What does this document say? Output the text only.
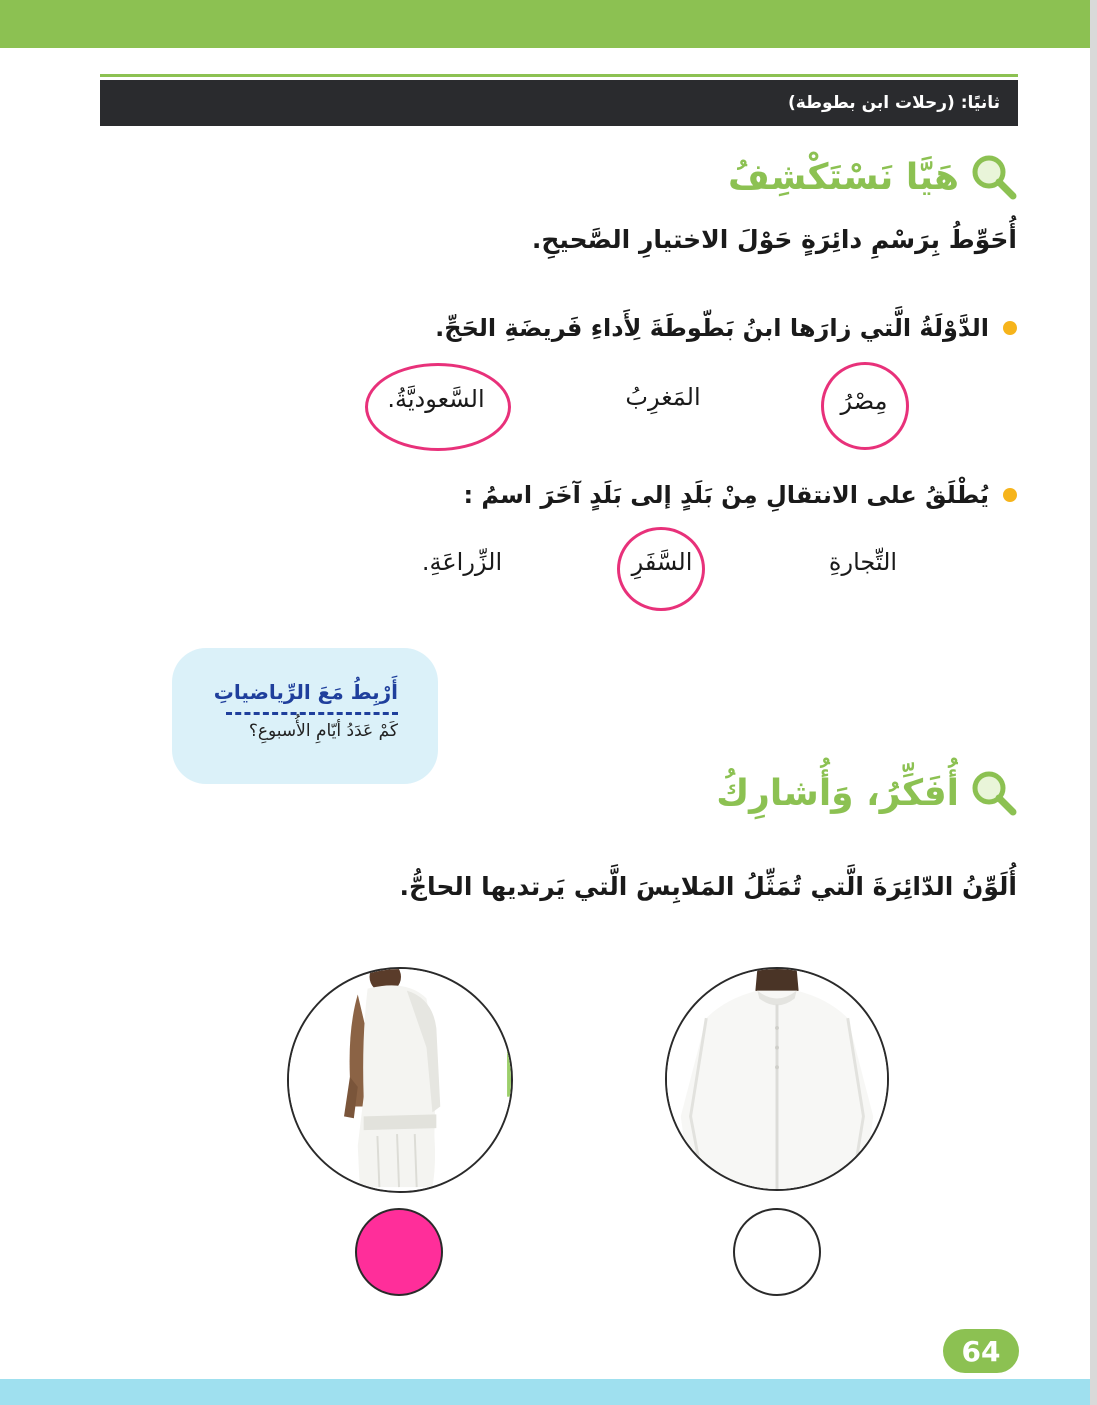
ثانيًا: (رحلات ابن بطوطة)
هَيَّا نَسْتَكْشِفُ
أُحَوِّطُ بِرَسْمِ دائِرَةٍ حَوْلَ الاختيارِ الصَّحيحِ.
الدَّوْلَةُ الَّتي زارَها ابنُ بَطّوطَةَ لِأَداءِ فَريضَةِ الحَجِّ.
مِصْرُ
المَغرِبُ
السَّعوديَّةُ.
يُطْلَقُ على الانتقالِ مِنْ بَلَدٍ إلى بَلَدٍ آخَرَ اسمُ :
التِّجارةِ
السَّفَرِ
الزِّراعَةِ.
أَرْبِطُ مَعَ الرِّياضياتِ
كَمْ عَدَدُ أيّامِ الأُسبوعِ؟
أُفَكِّرُ، وَأُشارِكُ
أُلَوِّنُ الدّائِرَةَ الَّتي تُمَثِّلُ المَلابِسَ الَّتي يَرتديها الحاجُّ.
64
